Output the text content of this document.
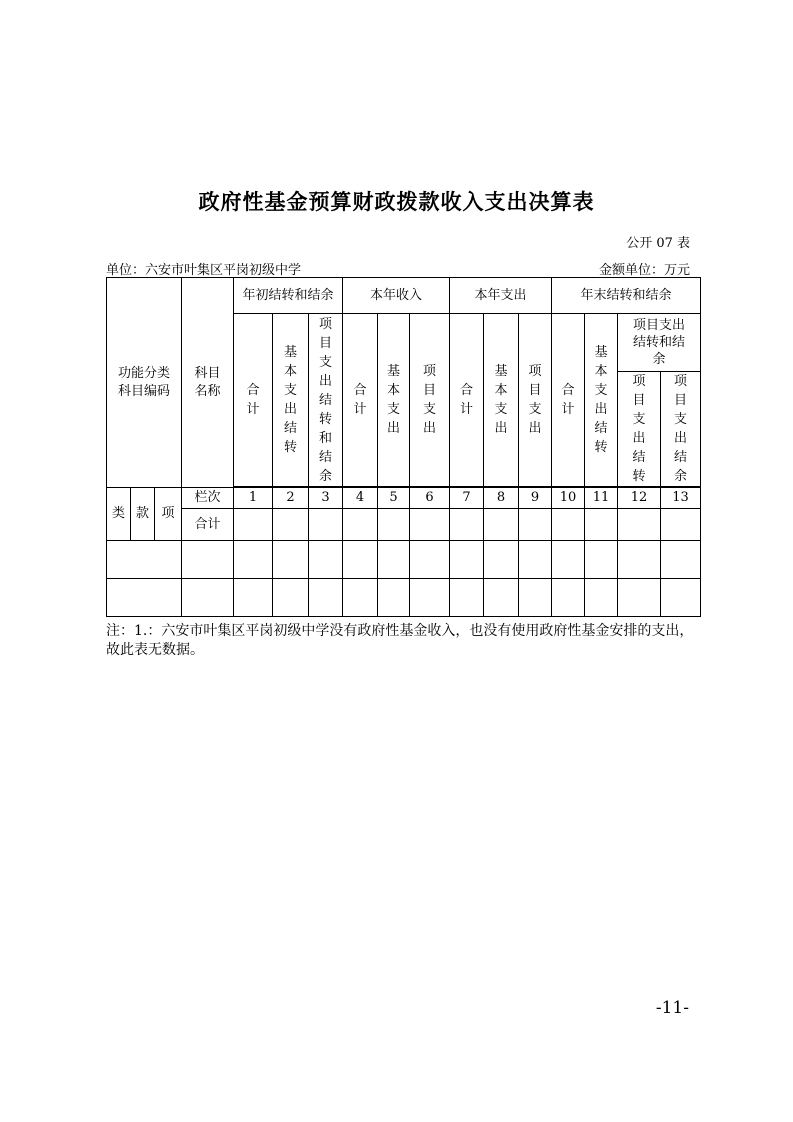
政府性基金预算财政拨款收入支出决算表
公开 07 表
单位：六安市叶集区平岗初级中学	金额单位：万元
功能分类科目编码			科目名称	年初结转和结余			本年收入			本年支出			年末结转和结余			
				合计	基本支出结转	项目支出结转和结余	合计	基本支出	项目支出	合计	基本支出	项目支出	合计	基本支出结转	项目支出结转和结余	
															项目支出结转	项目支出结余

类	款	项	栏次	1	2	3	4	5	6	7	8	9	10	11	12	13
			合计													

注：1.：六安市叶集区平岗初级中学没有政府性基金收入，也没有使用政府性基金安排的支出，故此表无数据。
-11-
